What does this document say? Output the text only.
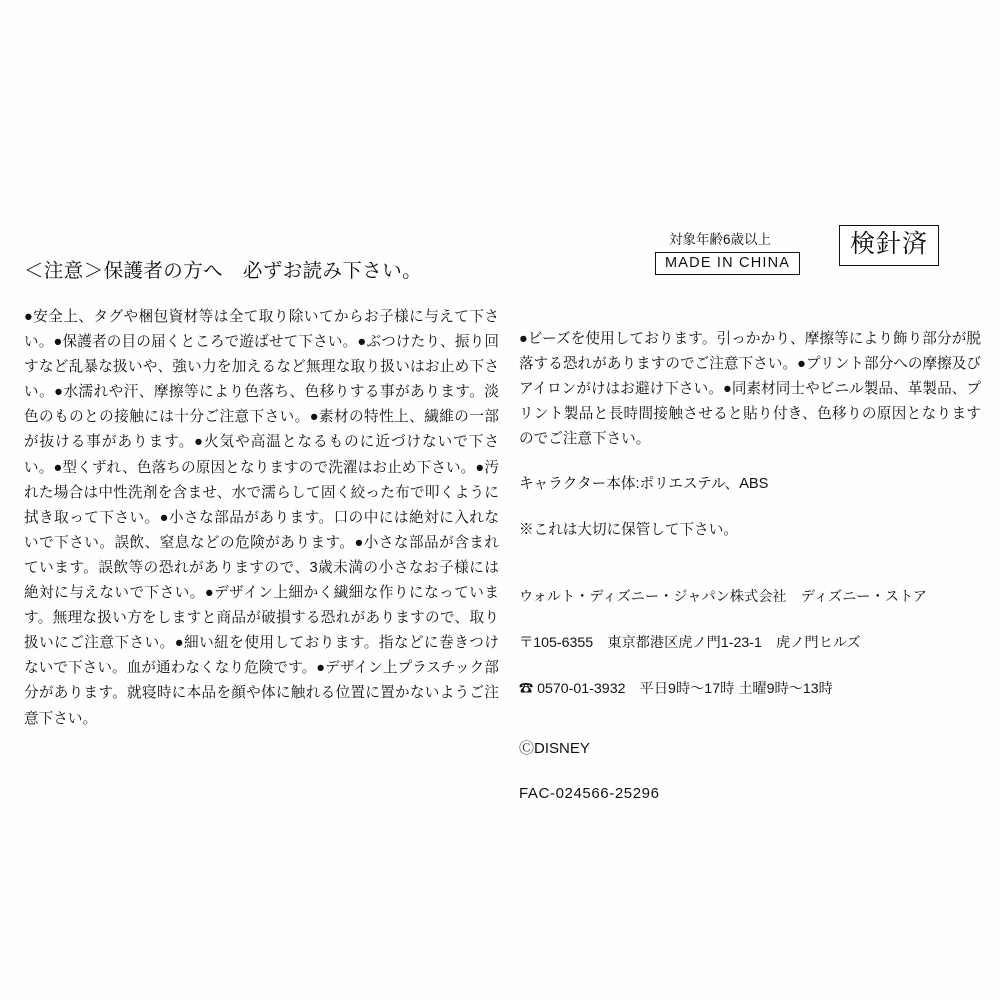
＜注意＞保護者の方へ　必ずお読み下さい。
●安全上、タグや梱包資材等は全て取り除いてからお子様に与えて下さい。●保護者の目の届くところで遊ばせて下さい。●ぶつけたり、振り回すなど乱暴な扱いや、強い力を加えるなど無理な取り扱いはお止め下さい。●水濡れや汗、摩擦等により色落ち、色移りする事があります。淡色のものとの接触には十分ご注意下さい。●素材の特性上、繊維の一部が抜ける事があります。●火気や高温となるものに近づけないで下さい。●型くずれ、色落ちの原因となりますので洗濯はお止め下さい。●汚れた場合は中性洗剤を含ませ、水で濡らして固く絞った布で叩くように拭き取って下さい。●小さな部品があります。口の中には絶対に入れないで下さい。誤飲、窒息などの危険があります。●小さな部品が含まれています。誤飲等の恐れがありますので、3歳未満の小さなお子様には絶対に与えないで下さい。●デザイン上細かく繊細な作りになっています。無理な扱い方をしますと商品が破損する恐れがありますので、取り扱いにご注意下さい。●細い紐を使用しております。指などに巻きつけないで下さい。血が通わなくなり危険です。●デザイン上プラスチック部分があります。就寝時に本品を顔や体に触れる位置に置かないようご注意下さい。
対象年齢6歳以上
MADE IN CHINA
検針済
●ビーズを使用しております。引っかかり、摩擦等により飾り部分が脱落する恐れがありますのでご注意下さい。●プリント部分への摩擦及びアイロンがけはお避け下さい。●同素材同士やビニル製品、革製品、プリント製品と長時間接触させると貼り付き、色移りの原因となりますのでご注意下さい。
キャラクター本体:ポリエステル、ABS
※これは大切に保管して下さい。

ウォルト・ディズニー・ジャパン株式会社　ディズニー・ストア

〒105-6355　東京都港区虎ノ門1-23-1　虎ノ門ヒルズ

☎ 0570-01-3932　平日9時〜17時 土曜9時〜13時

ⒸDISNEY
FAC-024566-25296
